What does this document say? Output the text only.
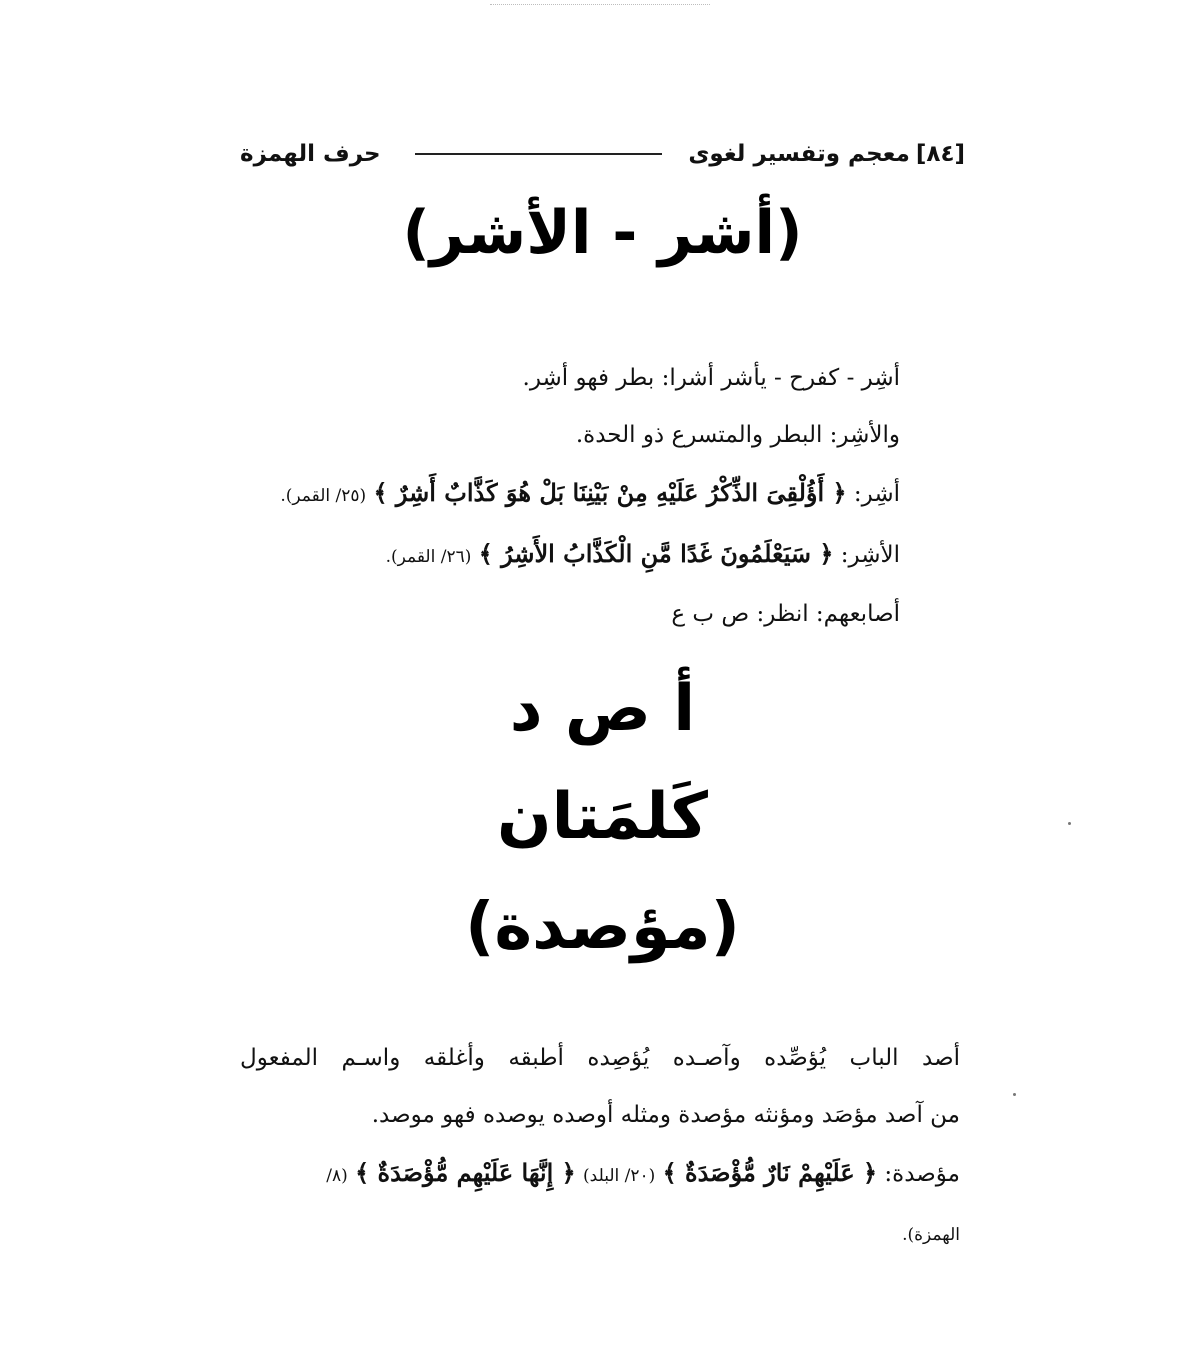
[٨٤]
معجم وتفسير لغوى
حرف الهمزة
(أشر - الأشر)
أشِر - كفرح - يأشر أشرا: بطر فهو أشِر.
والأشِر: البطر والمتسرع ذو الحدة.
أشِر: ﴿ أَؤُلْقِىَ الذِّكْرُ عَلَيْهِ مِنْ بَيْنِنَا بَلْ هُوَ كَذَّابٌ أَشِرٌ ﴾ (٢٥/ القمر).
الأشِر: ﴿ سَيَعْلَمُونَ غَدًا مَّنِ الْكَذَّابُ الأَشِرُ ﴾ (٢٦/ القمر).
أصابعهم: انظر: ص ب ع
أ ص د
كَلمَتان
(مؤصدة)
أصد الباب يُؤصِّده وآصـده يُؤصِده أطبقه وأغلقه واسـم المفعول
من آصد مؤصَد ومؤنثه مؤصدة ومثله أوصده يوصده فهو موصد.
مؤصدة: ﴿ عَلَيْهِمْ نَارٌ مُّؤْصَدَةٌ ﴾ (٢٠/ البلد) ﴿ إِنَّهَا عَلَيْهِم مُّؤْصَدَةٌ ﴾ (٨/
الهمزة).
